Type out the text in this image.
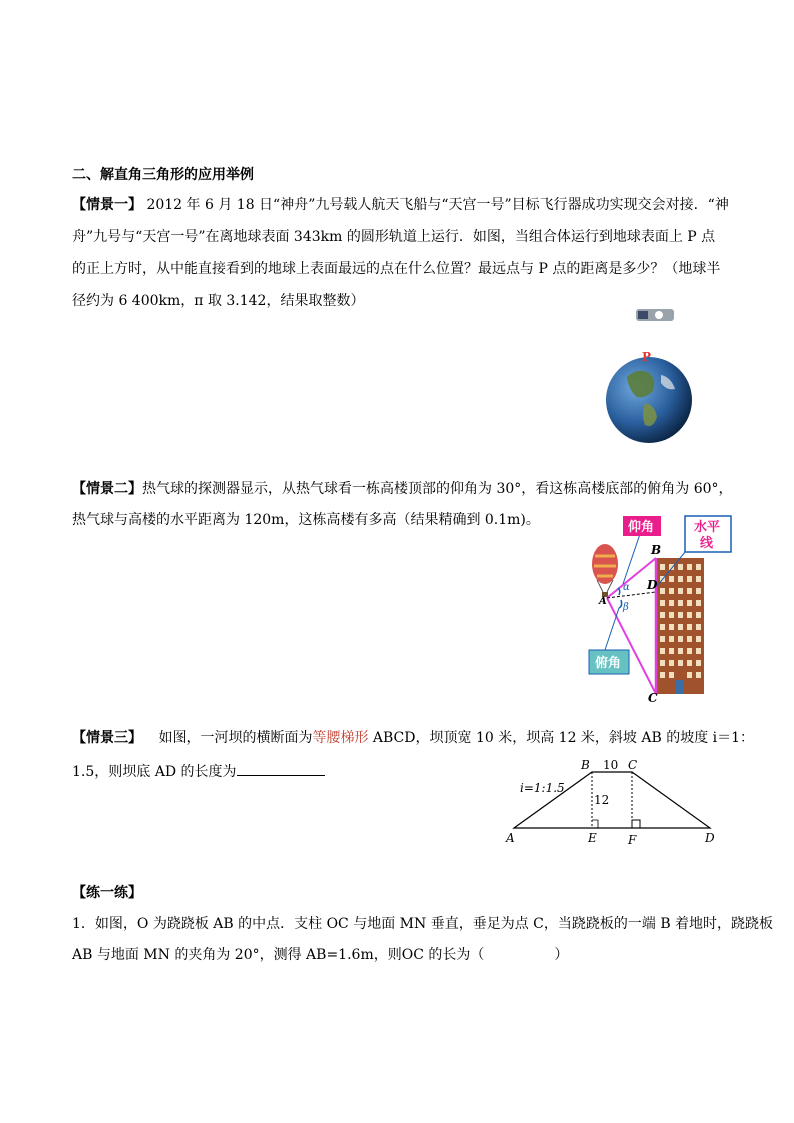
二、解直角三角形的应用举例
【情景一】 2012 年 6 月 18 日“神舟”九号载人航天飞船与“天宫一号”目标飞行器成功实现交会对接．“神
舟”九号与“天宫一号”在离地球表面 343km 的圆形轨道上运行．如图，当组合体运行到地球表面上 P 点
的正上方时，从中能直接看到的地球上表面最远的点在什么位置？最远点与 P 点的距离是多少？（地球半
径约为 6 400km，π 取 3.142，结果取整数）
P
【情景二】热气球的探测器显示，从热气球看一栋高楼顶部的仰角为 30°，看这栋高楼底部的俯角为 60°，
热气球与高楼的水平距离为 120m，这栋高楼有多高（结果精确到 0.1m)。
α
β
A
B
D
C
仰角	水平
线
俯角
【情景三】 如图，一河坝的横断面为等腰梯形 ABCD，坝顶宽 10 米，坝高 12 米，斜坡 AB 的坡度 i＝1：
1.5，则坝底 AD 的长度为
i=1:1.5
10
12
B	C
A	E	F	D
【练一练】
1．如图，O 为跷跷板 AB 的中点．支柱 OC 与地面 MN 垂直，垂足为点 C，当跷跷板的一端 B 着地时，跷跷板
AB 与地面 MN 的夹角为 20°，测得 AB=1.6m，则OC 的长为（	）
